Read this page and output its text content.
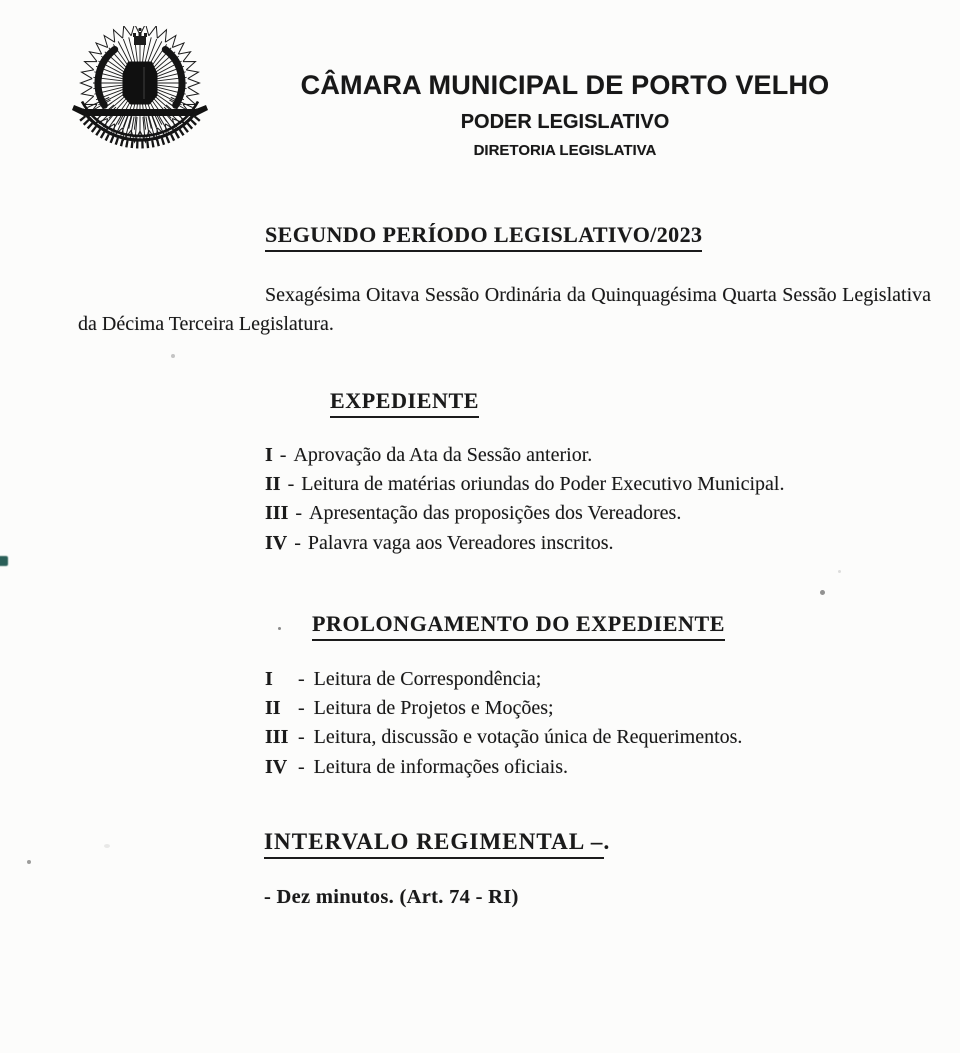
CÂMARA MUNICIPAL DE PORTO VELHO
PODER LEGISLATIVO
DIRETORIA LEGISLATIVA
SEGUNDO PERÍODO LEGISLATIVO/2023

Sexagésima Oitava Sessão Ordinária da Quinquagésima Quarta Sessão Legislativa da Décima Terceira Legislatura.

EXPEDIENTE
I - Aprovação da Ata da Sessão anterior.
II - Leitura de matérias oriundas do Poder Executivo Municipal.
III - Apresentação das proposições dos Vereadores.
IV - Palavra vaga aos Vereadores inscritos.
PROLONGAMENTO DO EXPEDIENTE
I - Leitura de Correspondência;
II - Leitura de Projetos e Moções;
III - Leitura, discussão e votação única de Requerimentos.
IV - Leitura de informações oficiais.
INTERVALO REGIMENTAL –.
- Dez minutos. (Art. 74 - RI)
